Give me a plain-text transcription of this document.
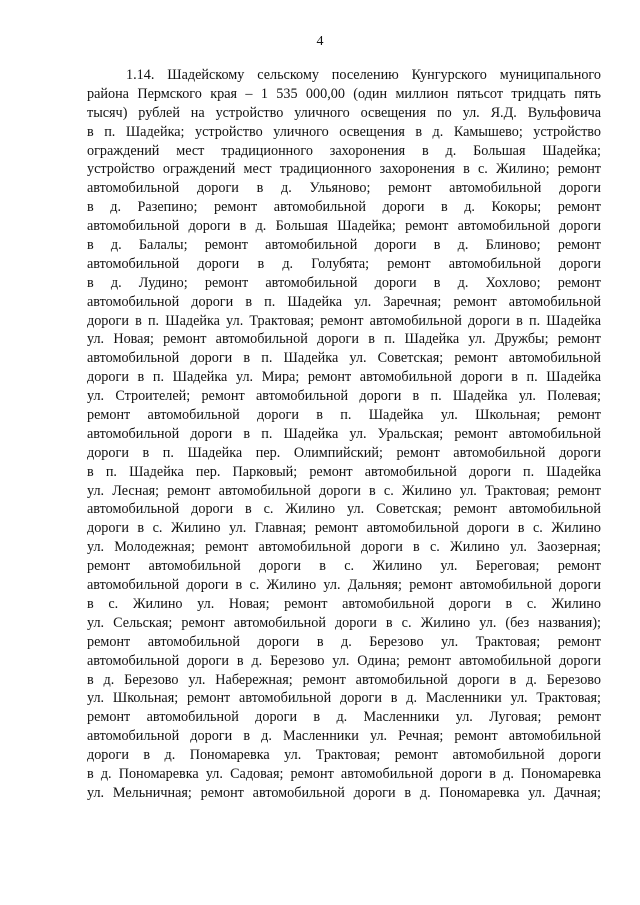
4
1.14. Шадейскому сельскому поселению Кунгурского муниципального
района Пермского края – 1 535 000,00 (один миллион пятьсот тридцать пять
тысяч) рублей на устройство уличного освещения по ул. Я.Д. Вульфовича
в п. Шадейка; устройство уличного освещения в д. Камышево; устройство
ограждений мест традиционного захоронения в д. Большая Шадейка;
устройство ограждений мест традиционного захоронения в с. Жилино; ремонт
автомобильной дороги в д. Ульяново; ремонт автомобильной дороги
в д. Разепино; ремонт автомобильной дороги в д. Кокоры; ремонт
автомобильной дороги в д. Большая Шадейка; ремонт автомобильной дороги
в д. Балалы; ремонт автомобильной дороги в д. Блиново; ремонт
автомобильной дороги в д. Голубята; ремонт автомобильной дороги
в д. Лудино; ремонт автомобильной дороги в д. Хохлово; ремонт
автомобильной дороги в п. Шадейка ул. Заречная; ремонт автомобильной
дороги в п. Шадейка ул. Трактовая; ремонт автомобильной дороги в п. Шадейка
ул. Новая; ремонт автомобильной дороги в п. Шадейка ул. Дружбы; ремонт
автомобильной дороги в п. Шадейка ул. Советская; ремонт автомобильной
дороги в п. Шадейка ул. Мира; ремонт автомобильной дороги в п. Шадейка
ул. Строителей; ремонт автомобильной дороги в п. Шадейка ул. Полевая;
ремонт автомобильной дороги в п. Шадейка ул. Школьная; ремонт
автомобильной дороги в п. Шадейка ул. Уральская; ремонт автомобильной
дороги в п. Шадейка пер. Олимпийский; ремонт автомобильной дороги
в п. Шадейка пер. Парковый; ремонт автомобильной дороги п. Шадейка
ул. Лесная; ремонт автомобильной дороги в с. Жилино ул. Трактовая; ремонт
автомобильной дороги в с. Жилино ул. Советская; ремонт автомобильной
дороги в с. Жилино ул. Главная; ремонт автомобильной дороги в с. Жилино
ул. Молодежная; ремонт автомобильной дороги в с. Жилино ул. Заозерная;
ремонт автомобильной дороги в с. Жилино ул. Береговая; ремонт
автомобильной дороги в с. Жилино ул. Дальняя; ремонт автомобильной дороги
в с. Жилино ул. Новая; ремонт автомобильной дороги в с. Жилино
ул. Сельская; ремонт автомобильной дороги в с. Жилино ул. (без названия);
ремонт автомобильной дороги в д. Березово ул. Трактовая; ремонт
автомобильной дороги в д. Березово ул. Одина; ремонт автомобильной дороги
в д. Березово ул. Набережная; ремонт автомобильной дороги в д. Березово
ул. Школьная; ремонт автомобильной дороги в д. Масленники ул. Трактовая;
ремонт автомобильной дороги в д. Масленники ул. Луговая; ремонт
автомобильной дороги в д. Масленники ул. Речная; ремонт автомобильной
дороги в д. Пономаревка ул. Трактовая; ремонт автомобильной дороги
в д. Пономаревка ул. Садовая; ремонт автомобильной дороги в д. Пономаревка
ул. Мельничная; ремонт автомобильной дороги в д. Пономаревка ул. Дачная;
